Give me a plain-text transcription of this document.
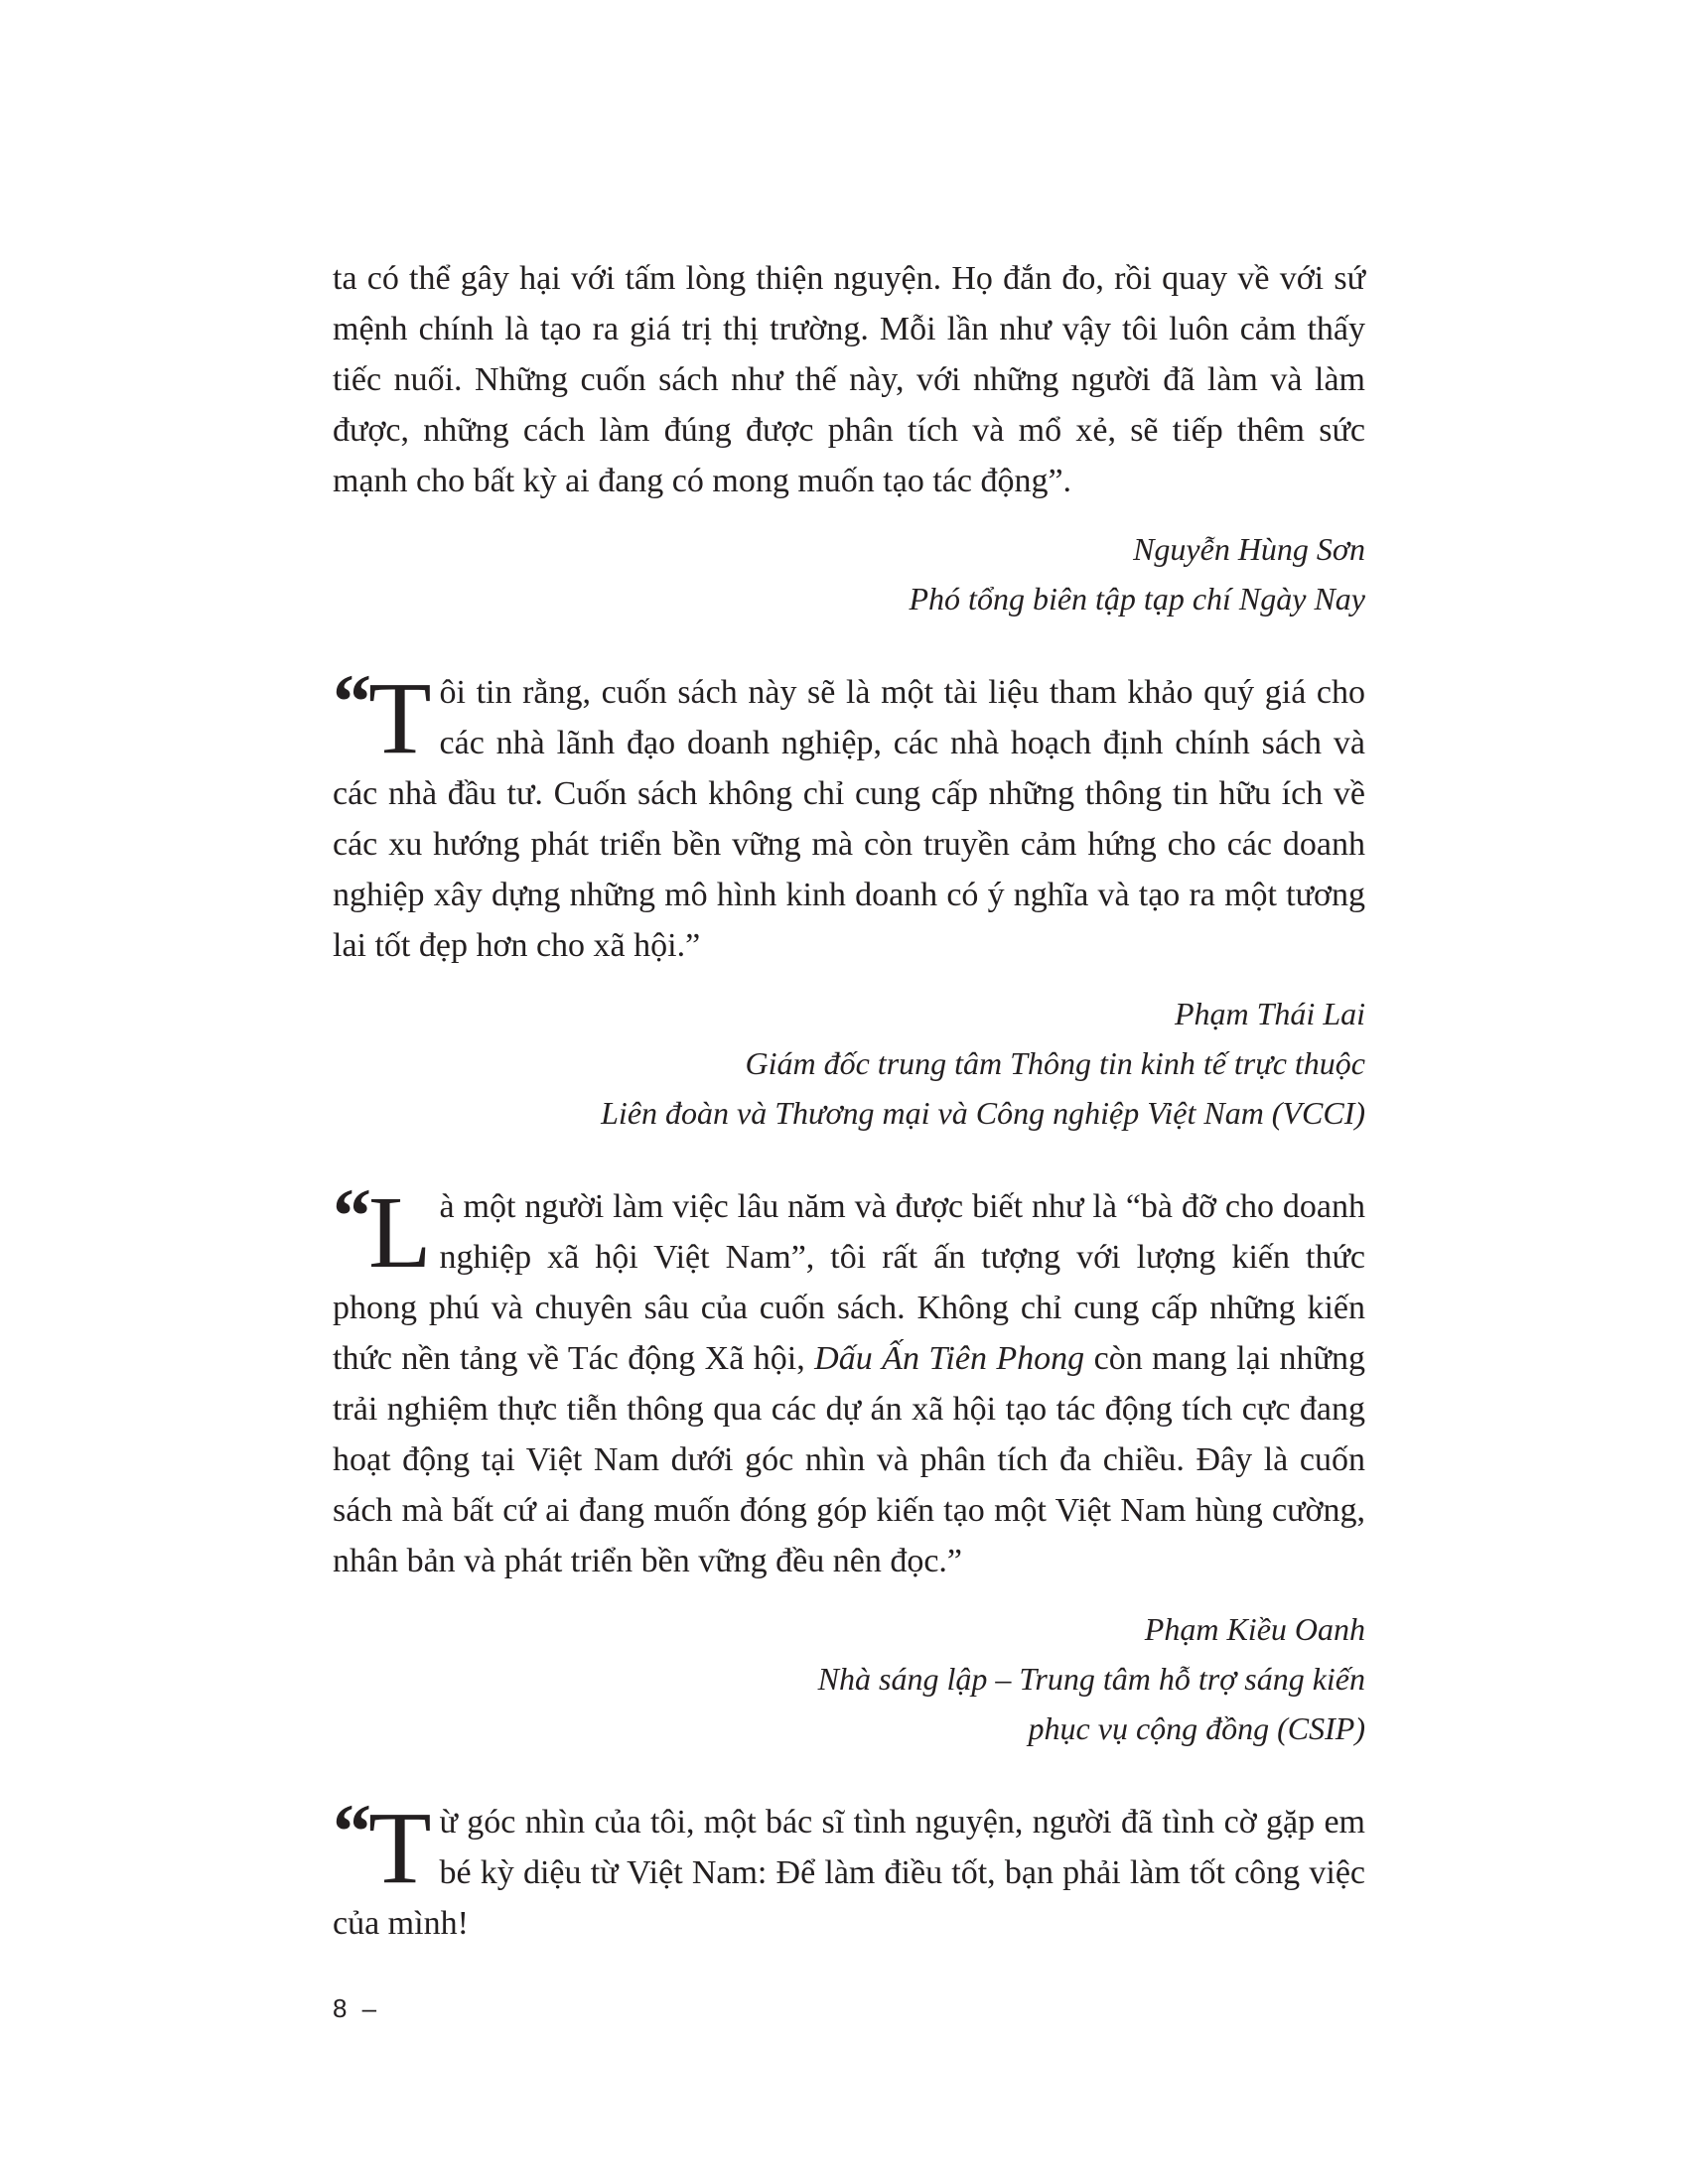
ta có thể gây hại với tấm lòng thiện nguyện. Họ đắn đo, rồi quay về với sứ mệnh chính là tạo ra giá trị thị trường. Mỗi lần như vậy tôi luôn cảm thấy tiếc nuối. Những cuốn sách như thế này, với những người đã làm và làm được, những cách làm đúng được phân tích và mổ xẻ, sẽ tiếp thêm sức mạnh cho bất kỳ ai đang có mong muốn tạo tác động”.

Nguyễn Hùng Sơn
Phó tổng biên tập tạp chí Ngày Nay
“ Tôi tin rằng, cuốn sách này sẽ là một tài liệu tham khảo quý giá cho các nhà lãnh đạo doanh nghiệp, các nhà hoạch định chính sách và các nhà đầu tư. Cuốn sách không chỉ cung cấp những thông tin hữu ích về các xu hướng phát triển bền vững mà còn truyền cảm hứng cho các doanh nghiệp xây dựng những mô hình kinh doanh có ý nghĩa và tạo ra một tương lai tốt đẹp hơn cho xã hội.”
Phạm Thái Lai
Giám đốc trung tâm Thông tin kinh tế trực thuộc
Liên đoàn và Thương mại và Công nghiệp Việt Nam (VCCI)
“ Là một người làm việc lâu năm và được biết như là “bà đỡ cho doanh nghiệp xã hội Việt Nam”, tôi rất ấn tượng với lượng kiến thức phong phú và chuyên sâu của cuốn sách. Không chỉ cung cấp những kiến thức nền tảng về Tác động Xã hội, Dấu Ấn Tiên Phong còn mang lại những trải nghiệm thực tiễn thông qua các dự án xã hội tạo tác động tích cực đang hoạt động tại Việt Nam dưới góc nhìn và phân tích đa chiều. Đây là cuốn sách mà bất cứ ai đang muốn đóng góp kiến tạo một Việt Nam hùng cường, nhân bản và phát triển bền vững đều nên đọc.”
Phạm Kiều Oanh
Nhà sáng lập – Trung tâm hỗ trợ sáng kiến
phục vụ cộng đồng (CSIP)
“ Từ góc nhìn của tôi, một bác sĩ tình nguyện, người đã tình cờ gặp em bé kỳ diệu từ Việt Nam: Để làm điều tốt, bạn phải làm tốt công việc của mình!
8 –
